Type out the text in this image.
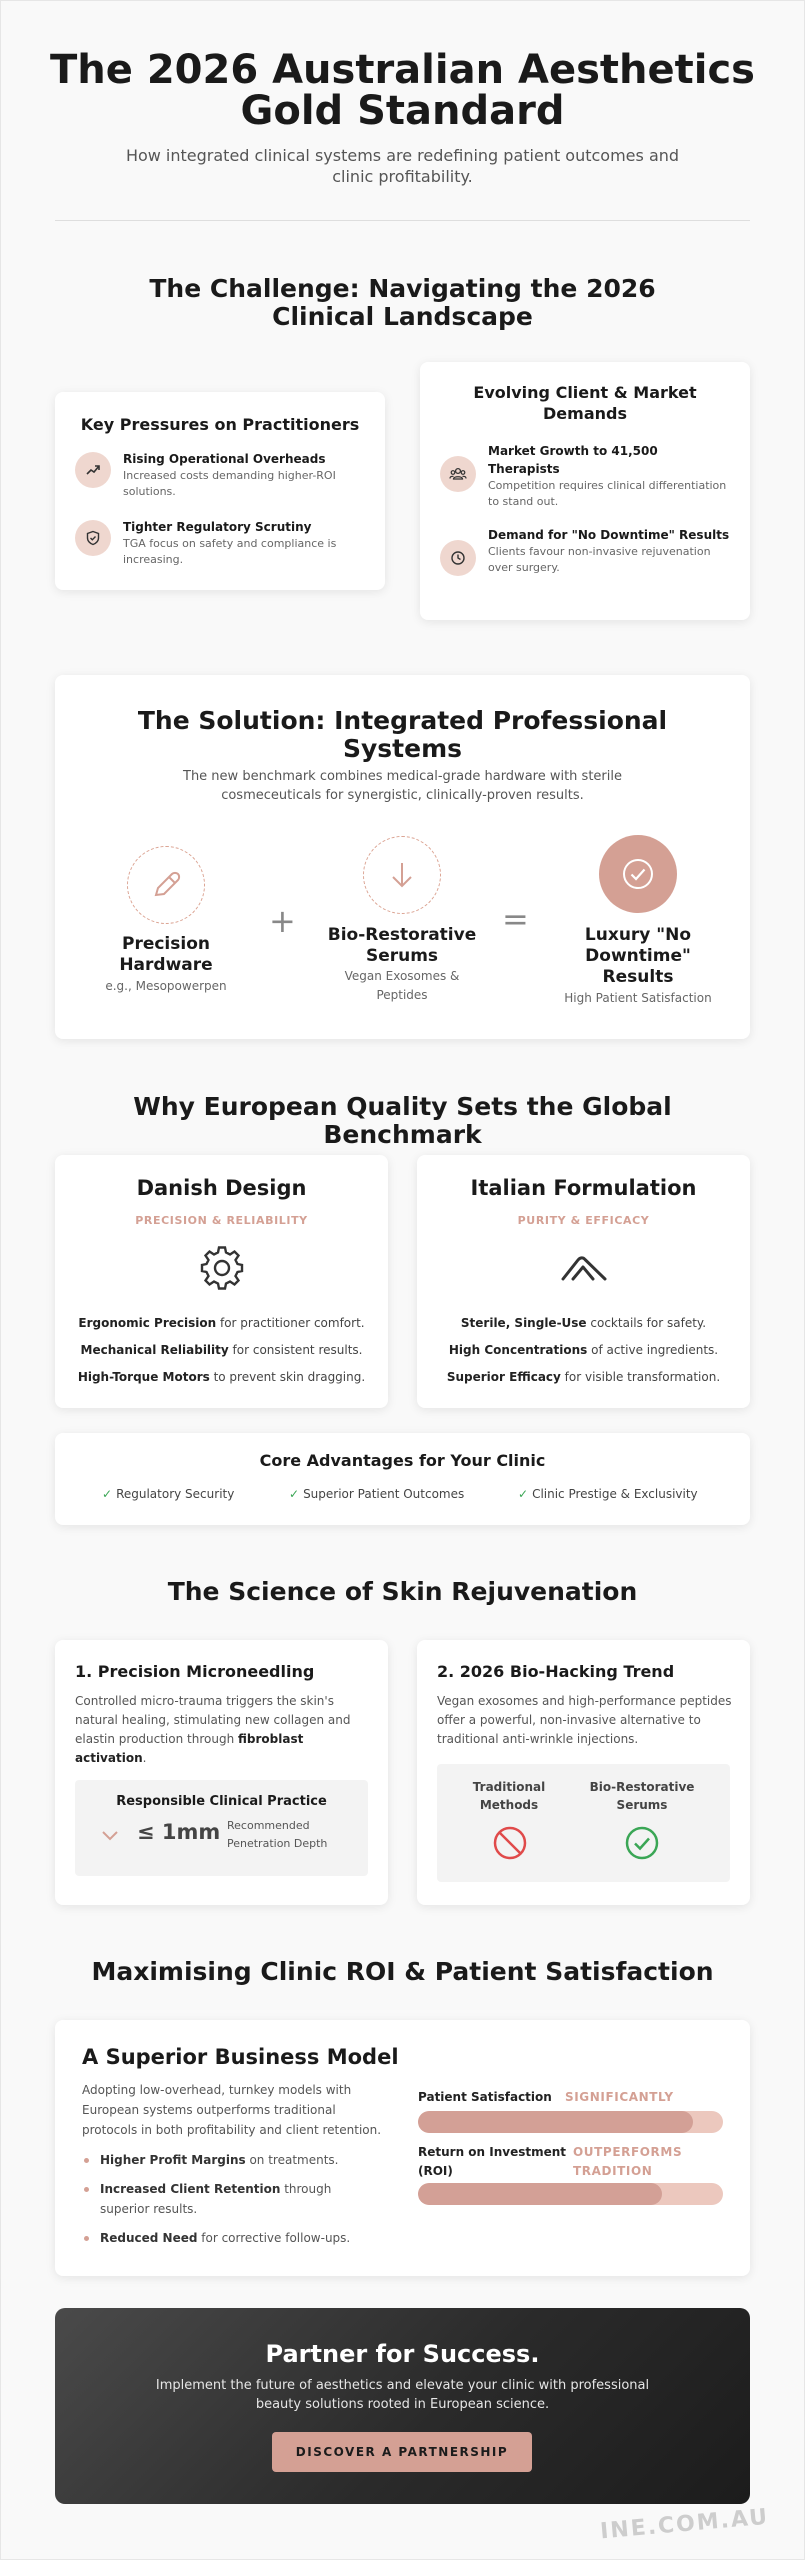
The 2026 Australian Aesthetics
Gold Standard
How integrated clinical systems are redefining patient outcomes and clinic profitability.
The Challenge: Navigating the 2026 Clinical Landscape
Key Pressures on Practitioners
Rising Operational Overheads
Increased costs demanding higher-ROI solutions.
Tighter Regulatory Scrutiny
TGA focus on safety and compliance is increasing.
Evolving Client & Market Demands
Market Growth to 41,500 Therapists
Competition requires clinical differentiation to stand out.
Demand for "No Downtime" Results
Clients favour non-invasive rejuvenation over surgery.
The Solution: Integrated Professional Systems
The new benchmark combines medical-grade hardware with sterile cosmeceuticals for synergistic, clinically-proven results.
Precision Hardware
e.g., Mesopowerpen
+	Bio-Restorative Serums
Vegan Exosomes & Peptides
=	Luxury "No Downtime" Results
High Patient Satisfaction
Why European Quality Sets the Global Benchmark
Danish Design
PRECISION & RELIABILITY
Ergonomic Precision for practitioner comfort.
Mechanical Reliability for consistent results.
High-Torque Motors to prevent skin dragging.
Italian Formulation
PURITY & EFFICACY
Sterile, Single-Use cocktails for safety.
High Concentrations of active ingredients.
Superior Efficacy for visible transformation.
Core Advantages for Your Clinic
✓ Regulatory Security	✓ Superior Patient Outcomes	✓ Clinic Prestige & Exclusivity
The Science of Skin Rejuvenation
1. Precision Microneedling
Controlled micro-trauma triggers the skin's natural healing, stimulating new collagen and elastin production through fibroblast activation.
Responsible Clinical Practice
≤ 1mm Recommended Penetration Depth
2. 2026 Bio-Hacking Trend
Vegan exosomes and high-performance peptides offer a powerful, non-invasive alternative to traditional anti-wrinkle injections.
Traditional Methods
Bio-Restorative Serums
Maximising Clinic ROI & Patient Satisfaction
A Superior Business Model
Adopting low-overhead, turnkey models with European systems outperforms traditional protocols in both profitability and client retention.
Higher Profit Margins on treatments.
Increased Client Retention through superior results.
Reduced Need for corrective follow-ups.
Patient Satisfaction SIGNIFICANTLY
Return on Investment (ROI)
OUTPERFORMS TRADITION
Partner for Success.
Implement the future of aesthetics and elevate your clinic with professional beauty solutions rooted in European science.
DISCOVER A PARTNERSHIP
INE.COM.AU
